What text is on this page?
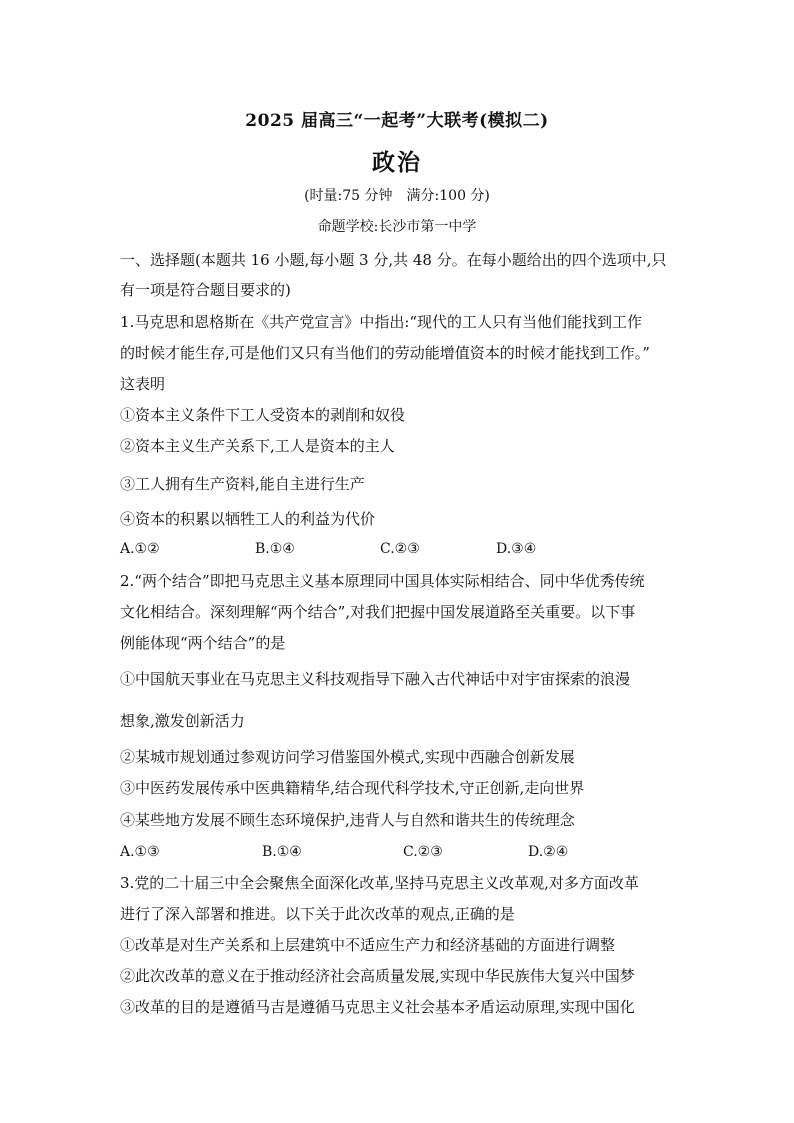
2025 届高三“一起考”大联考(模拟二)
政治
(时量:75 分钟　满分:100 分)
命题学校:长沙市第一中学
一、选择题(本题共 16 小题,每小题 3 分,共 48 分。在每小题给出的四个选项中,只
有一项是符合题目要求的)
1.马克思和恩格斯在《共产党宣言》中指出:“现代的工人只有当他们能找到工作
的时候才能生存,可是他们又只有当他们的劳动能增值资本的时候才能找到工作。”
这表明
①资本主义条件下工人受资本的剥削和奴役
②资本主义生产关系下,工人是资本的主人
③工人拥有生产资料,能自主进行生产
④资本的积累以牺牲工人的利益为代价
A.①②	B.①④	C.②③	D.③④
2.“两个结合”即把马克思主义基本原理同中国具体实际相结合、同中华优秀传统
文化相结合。深刻理解“两个结合”,对我们把握中国发展道路至关重要。以下事
例能体现“两个结合”的是
①中国航天事业在马克思主义科技观指导下融入古代神话中对宇宙探索的浪漫
想象,激发创新活力
②某城市规划通过参观访问学习借鉴国外模式,实现中西融合创新发展
③中医药发展传承中医典籍精华,结合现代科学技术,守正创新,走向世界
④某些地方发展不顾生态环境保护,违背人与自然和谐共生的传统理念
A.①③	B.①④	C.②③	D.②④
3.党的二十届三中全会聚焦全面深化改革,坚持马克思主义改革观,对多方面改革
进行了深入部署和推进。以下关于此次改革的观点,正确的是
①改革是对生产关系和上层建筑中不适应生产力和经济基础的方面进行调整
②此次改革的意义在于推动经济社会高质量发展,实现中华民族伟大复兴中国梦
③改革的目的是遵循马吉是遵循马克思主义社会基本矛盾运动原理,实现中国化
